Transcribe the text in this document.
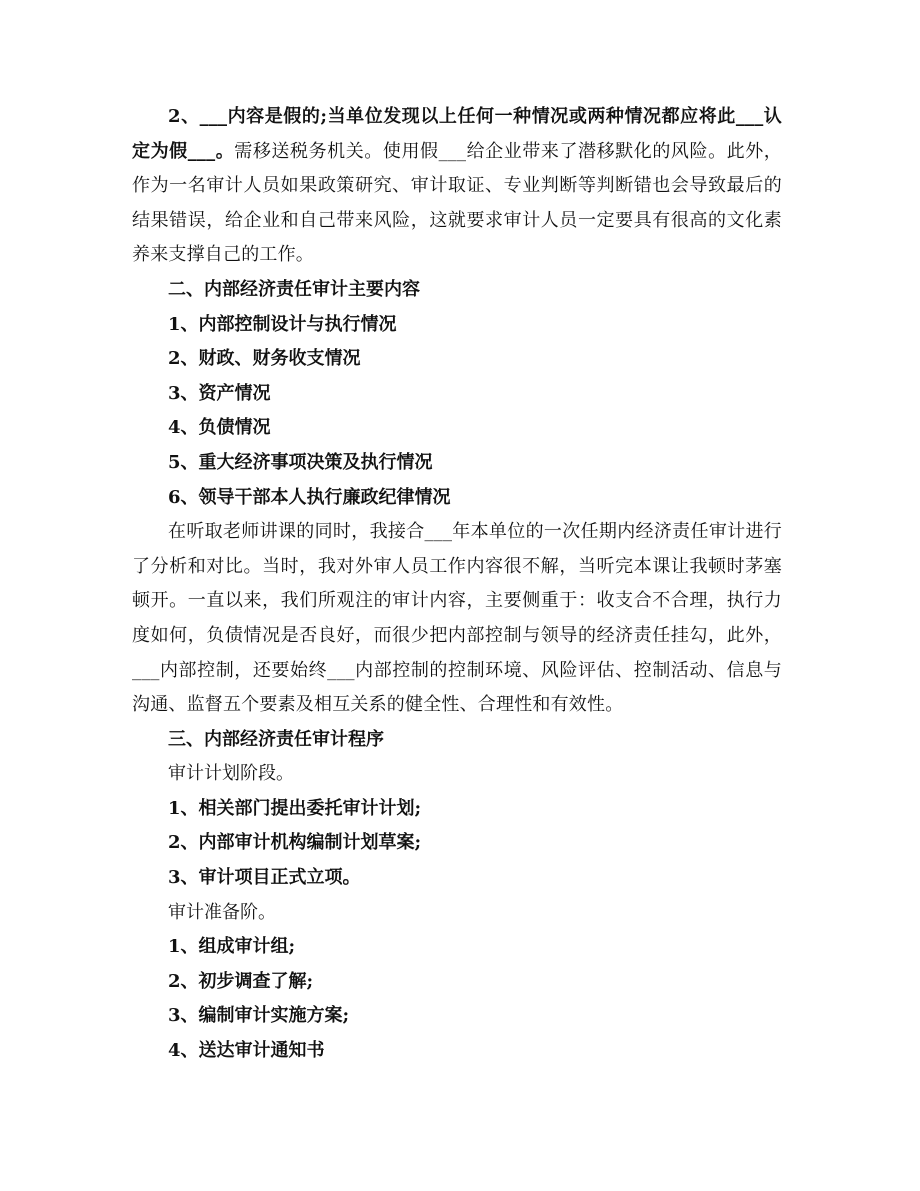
2、___内容是假的;当单位发现以上任何一种情况或两种情况都应将此___认定为假___。需移送税务机关。使用假___给企业带来了潜移默化的风险。此外，作为一名审计人员如果政策研究、审计取证、专业判断等判断错也会导致最后的结果错误，给企业和自己带来风险，这就要求审计人员一定要具有很高的文化素养来支撑自己的工作。

二、内部经济责任审计主要内容

1、内部控制设计与执行情况

2、财政、财务收支情况

3、资产情况

4、负债情况

5、重大经济事项决策及执行情况

6、领导干部本人执行廉政纪律情况

在听取老师讲课的同时，我接合___年本单位的一次任期内经济责任审计进行了分析和对比。当时，我对外审人员工作内容很不解，当听完本课让我顿时茅塞顿开。一直以来，我们所观注的审计内容，主要侧重于：收支合不合理，执行力度如何，负债情况是否良好，而很少把内部控制与领导的经济责任挂勾，此外，___内部控制，还要始终___内部控制的控制环境、风险评估、控制活动、信息与沟通、监督五个要素及相互关系的健全性、合理性和有效性。

三、内部经济责任审计程序

审计计划阶段。

1、相关部门提出委托审计计划;

2、内部审计机构编制计划草案;

3、审计项目正式立项。

审计准备阶。

1、组成审计组;

2、初步调查了解;

3、编制审计实施方案;

4、送达审计通知书
